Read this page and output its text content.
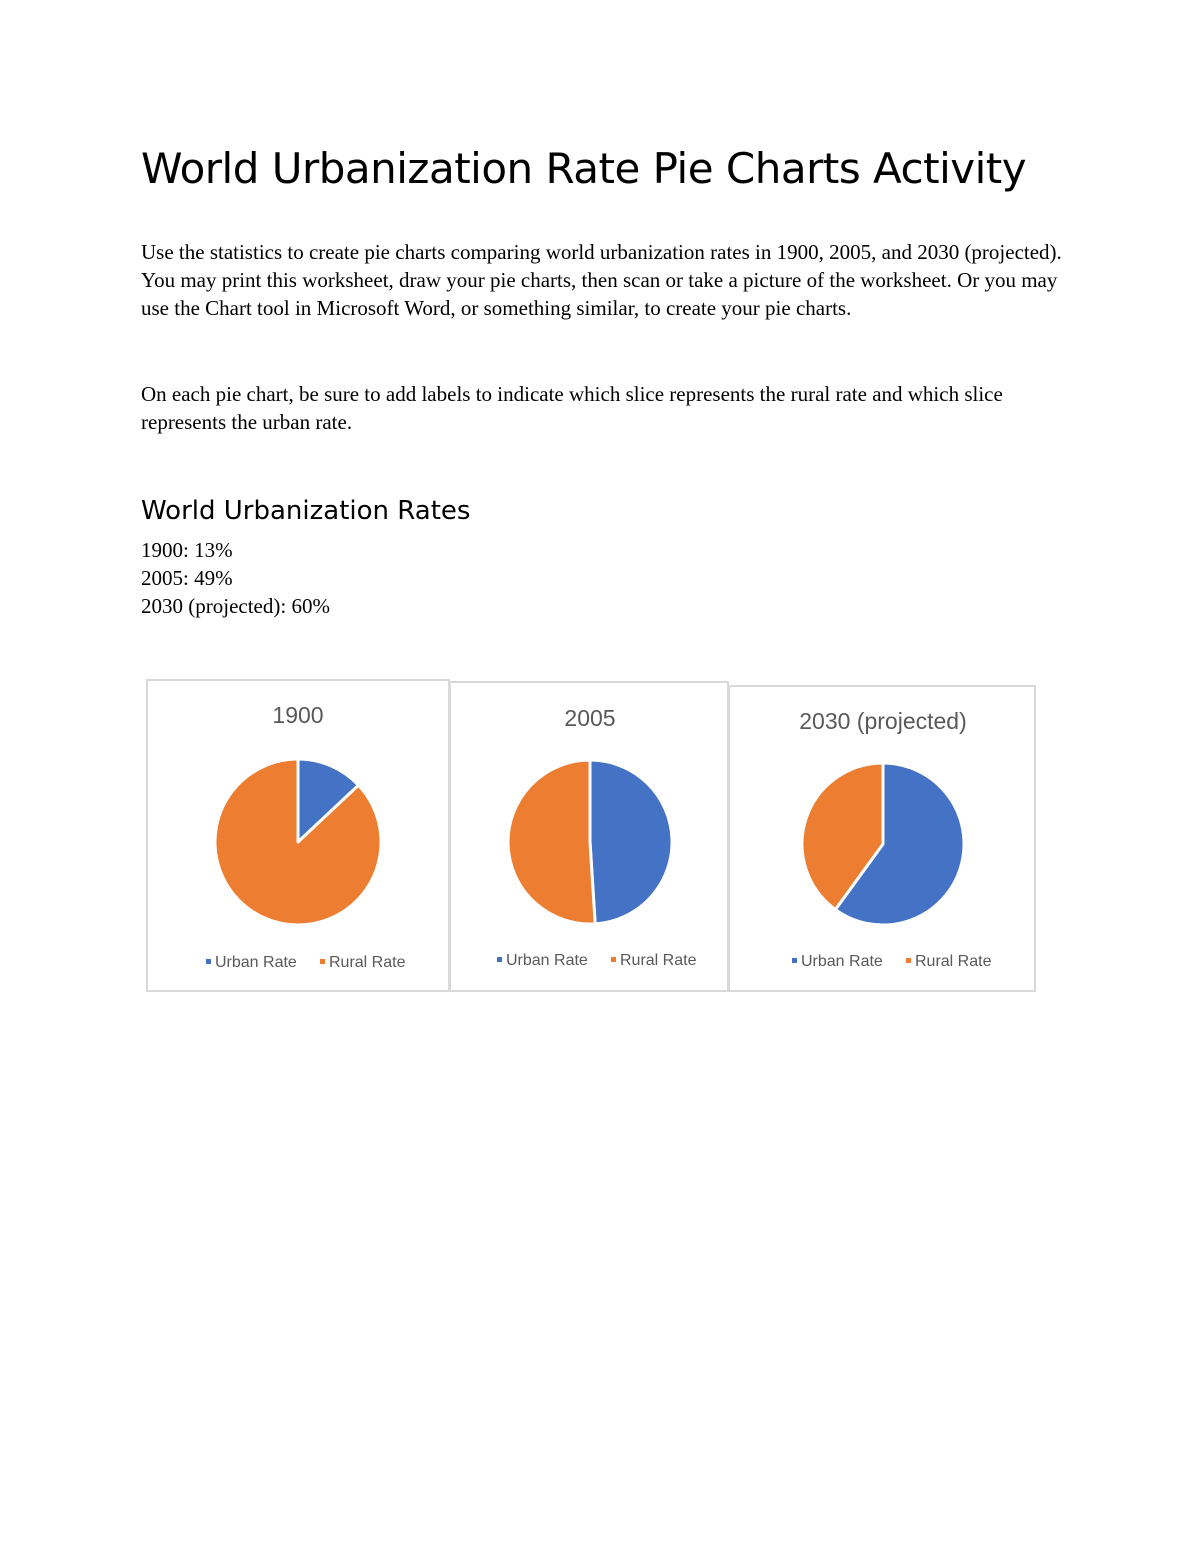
World Urbanization Rate Pie Charts Activity

Use the statistics to create pie charts comparing world urbanization rates in 1900, 2005, and 2030 (projected). You may print this worksheet, draw your pie charts, then scan or take a picture of the worksheet. Or you may use the Chart tool in Microsoft Word, or something similar, to create your pie charts.

On each pie chart, be sure to add labels to indicate which slice represents the rural rate and which slice represents the urban rate.

World Urbanization Rates
1900: 13%
2005: 49%
2030 (projected): 60%
1900
Urban Rate Rural Rate
2005
Urban Rate Rural Rate
2030 (projected)
Urban Rate Rural Rate
